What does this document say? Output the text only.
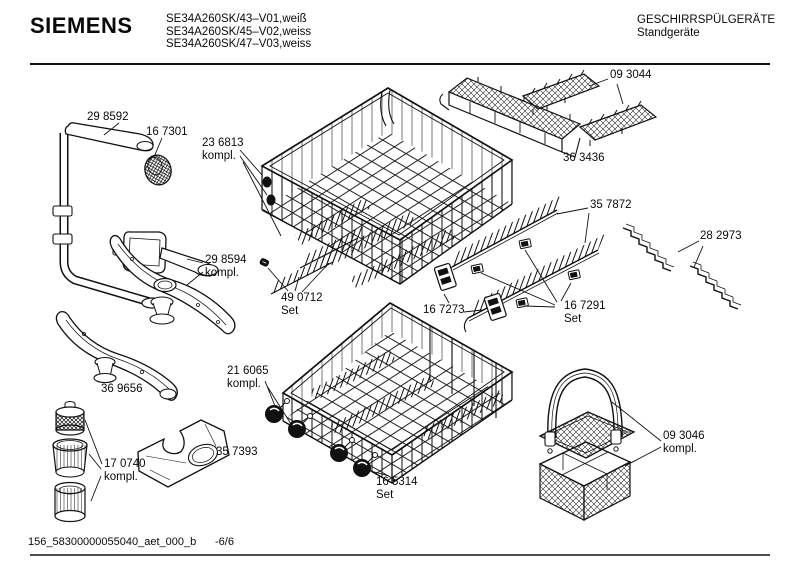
SIEMENS	SE34A260SK/43–V01,weiß
SE34A260SK/45–V02,weiss
SE34A260SK/47–V03,weiss
GESCHIRRSPÜLGERÄTE
Standgeräte
29 8592
16 7301
23 6813
kompl.
09 3044
36 3436
35 7872
28 2973
29 8594
kompl.
49 0712
Set	16 7273	16 7291
Set
36 9656
21 6065
kompl.
17 0740
kompl.
35 7393
16 5314
Set
09 3046
kompl.
156_58300000055040_aet_000_b -6/6
